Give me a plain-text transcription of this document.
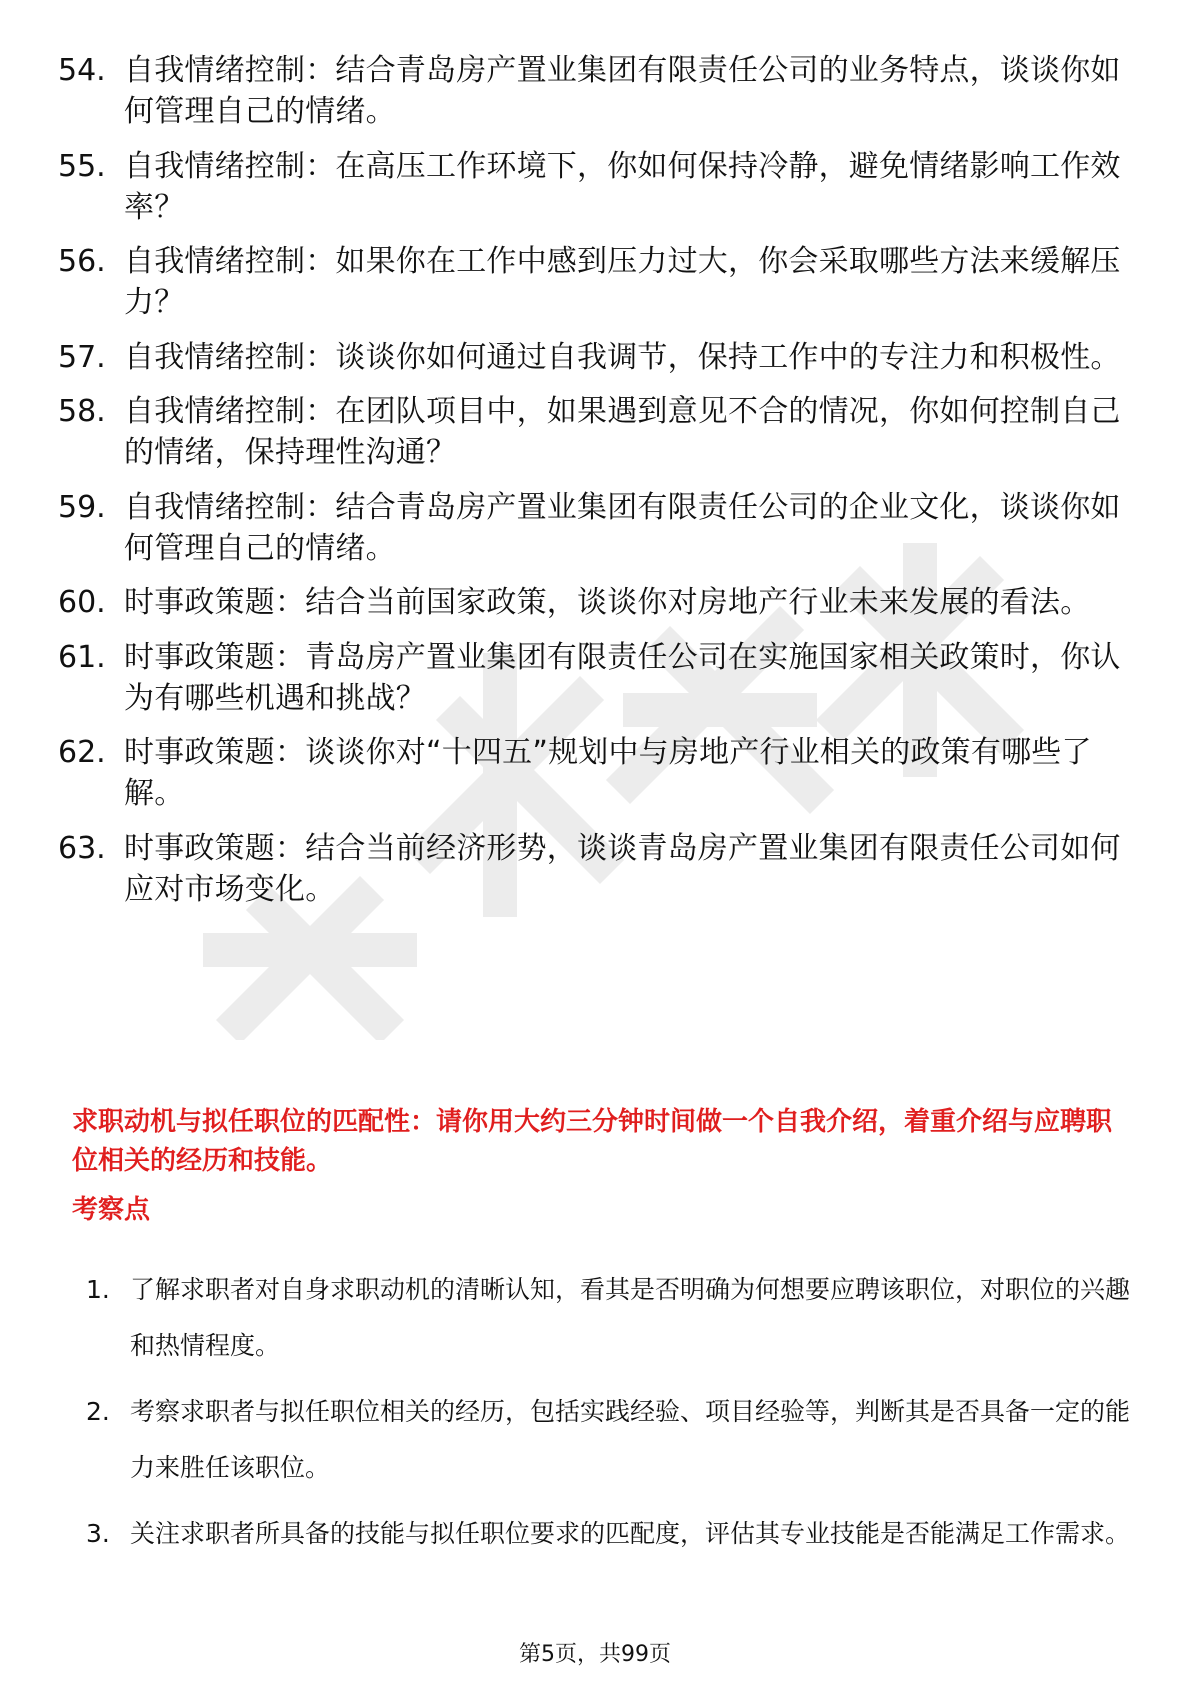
54. 自我情绪控制：结合青岛房产置业集团有限责任公司的业务特点，谈谈你如何管理自己的情绪。
55. 自我情绪控制：在高压工作环境下，你如何保持冷静，避免情绪影响工作效率？
56. 自我情绪控制：如果你在工作中感到压力过大，你会采取哪些方法来缓解压力？
57. 自我情绪控制：谈谈你如何通过自我调节，保持工作中的专注力和积极性。
58. 自我情绪控制：在团队项目中，如果遇到意见不合的情况，你如何控制自己的情绪，保持理性沟通？
59. 自我情绪控制：结合青岛房产置业集团有限责任公司的企业文化，谈谈你如何管理自己的情绪。
60. 时事政策题：结合当前国家政策，谈谈你对房地产行业未来发展的看法。
61. 时事政策题：青岛房产置业集团有限责任公司在实施国家相关政策时，你认为有哪些机遇和挑战？
62. 时事政策题：谈谈你对“十四五”规划中与房地产行业相关的政策有哪些了解。
63. 时事政策题：结合当前经济形势，谈谈青岛房产置业集团有限责任公司如何应对市场变化。
求职动机与拟任职位的匹配性：请你用大约三分钟时间做一个自我介绍，着重介绍与应聘职位相关的经历和技能。
考察点
1. 了解求职者对自身求职动机的清晰认知，看其是否明确为何想要应聘该职位，对职位的兴趣和热情程度。
2. 考察求职者与拟任职位相关的经历，包括实践经验、项目经验等，判断其是否具备一定的能力来胜任该职位。
3. 关注求职者所具备的技能与拟任职位要求的匹配度，评估其专业技能是否能满足工作需求。
第5页，共99页
